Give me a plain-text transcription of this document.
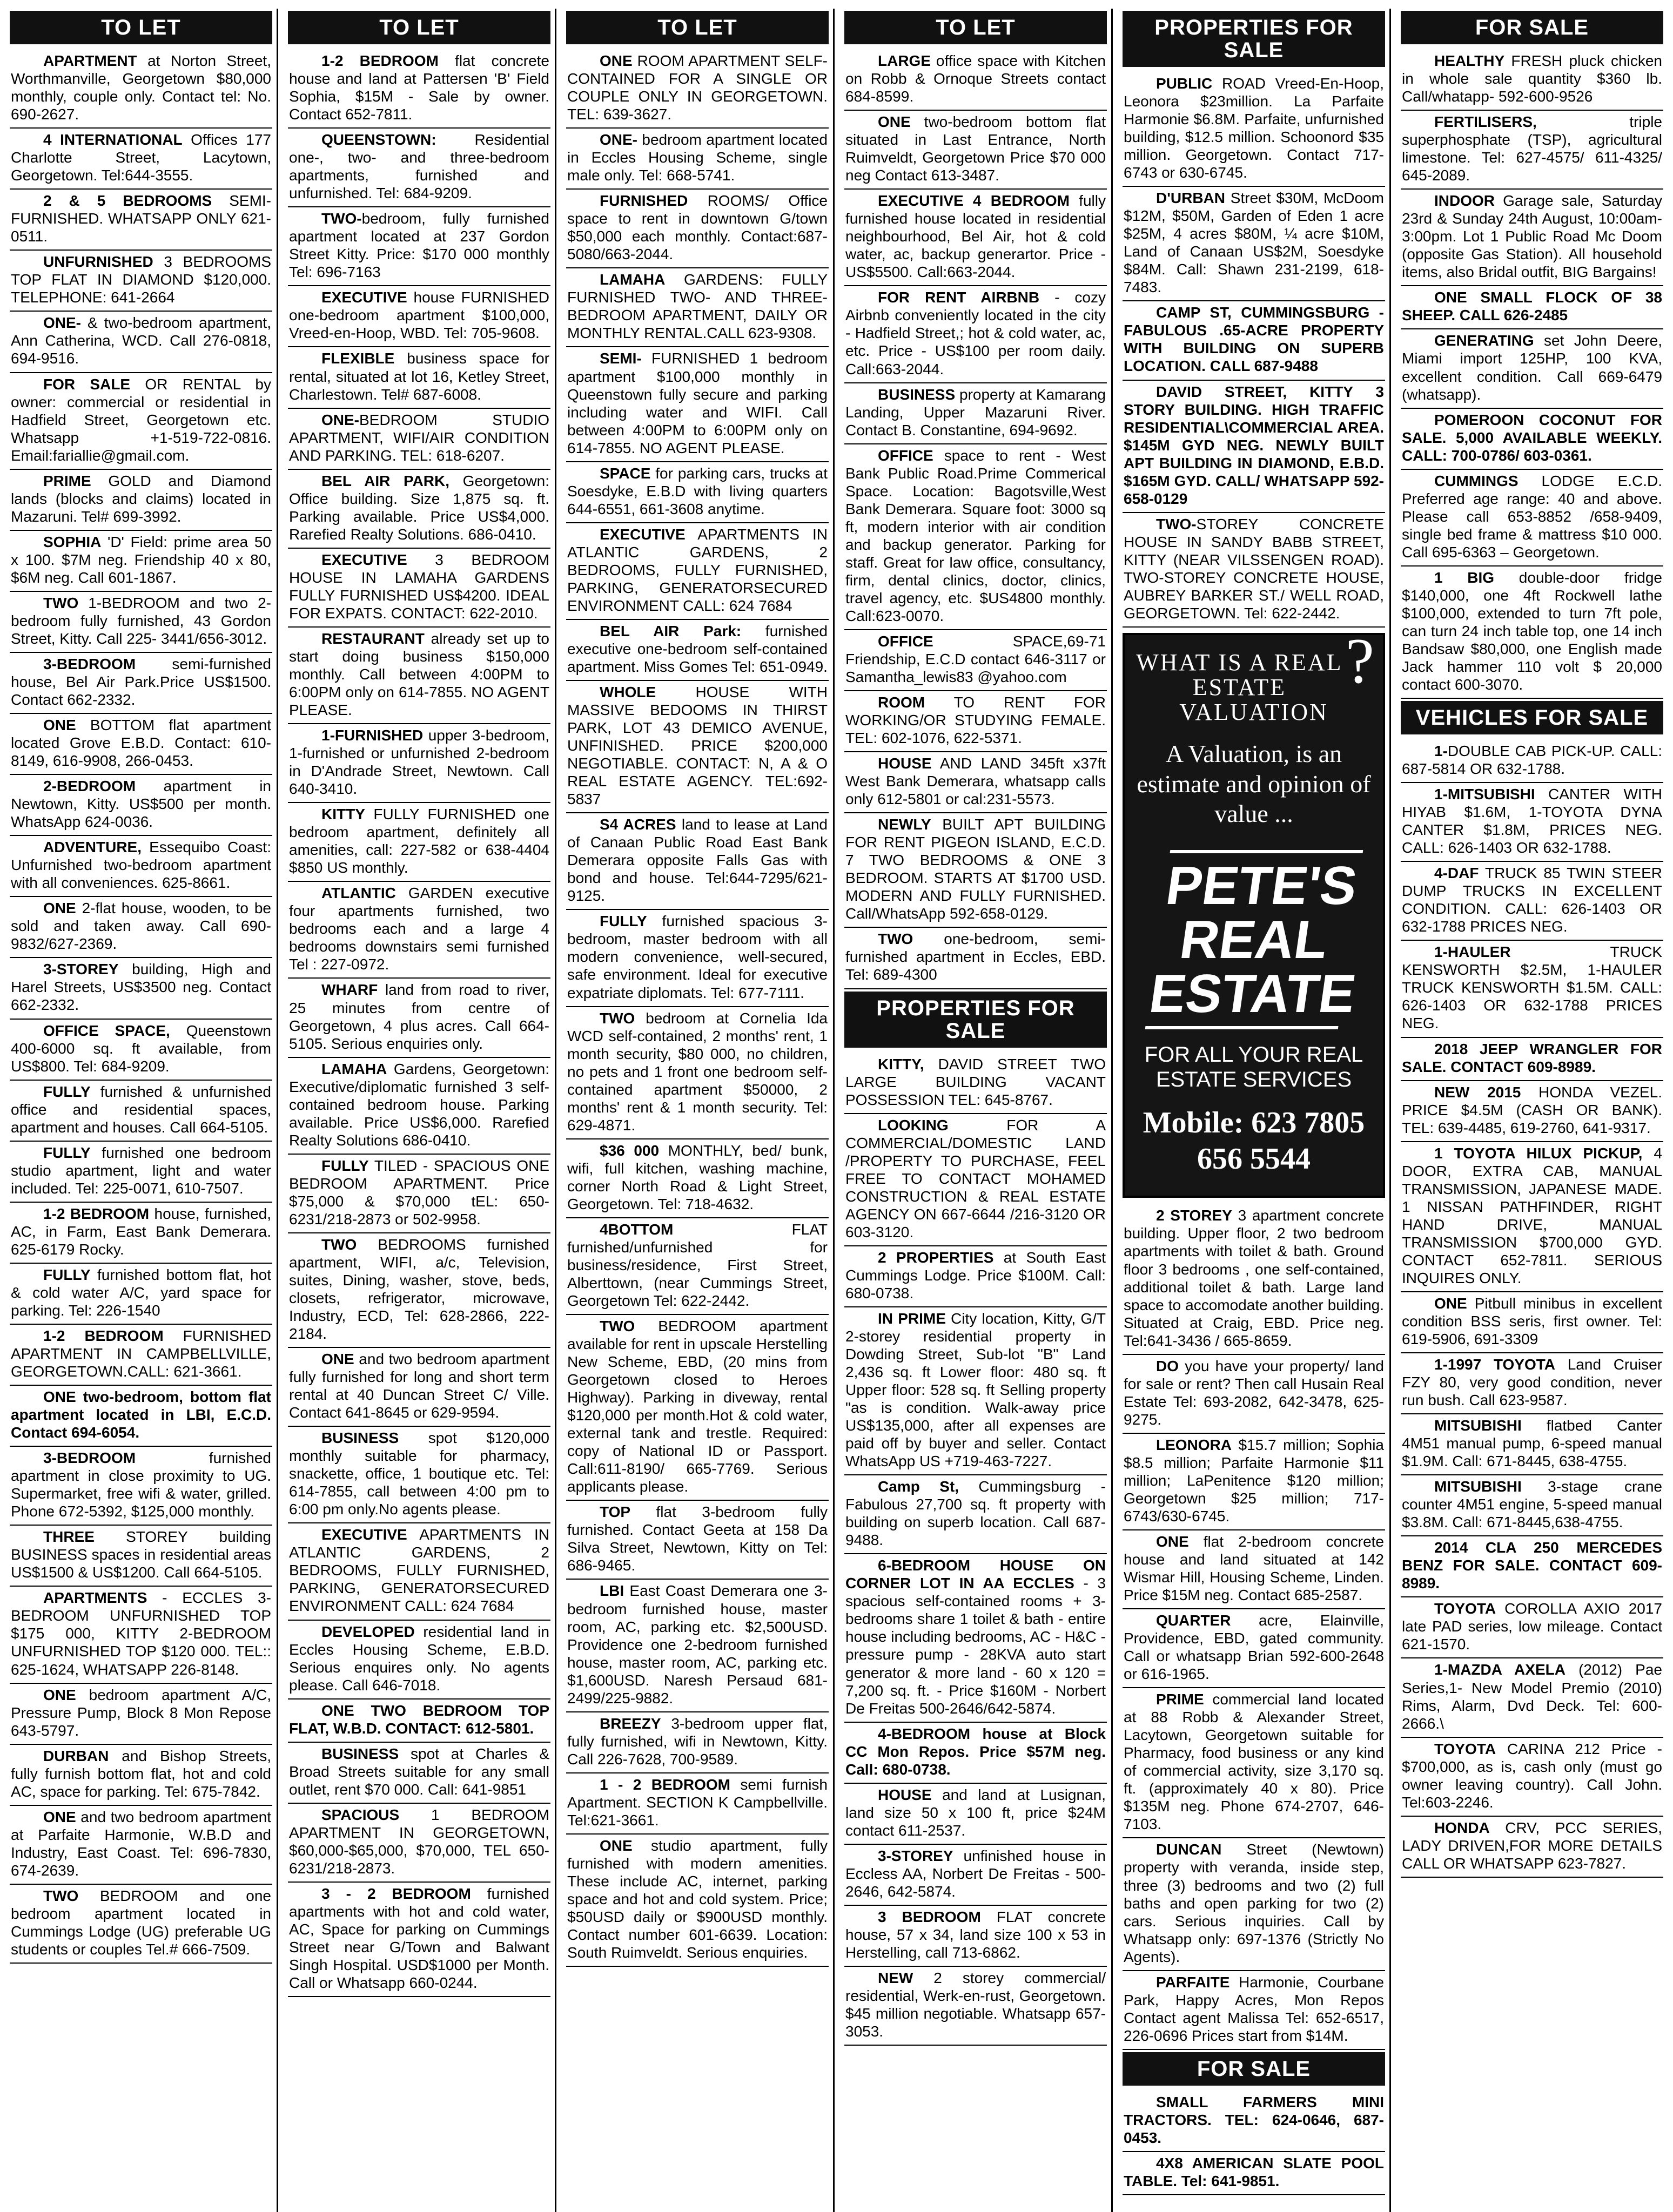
TO LET

APARTMENT at Norton Street, Worthmanville, Georgetown $80,000 monthly, couple only. Contact tel: No. 690-2627.

4 INTERNATIONAL Offices 177 Charlotte Street, Lacytown, Georgetown. Tel:644-3555.

2 & 5 BEDROOMS SEMI-FURNISHED. WHATSAPP ONLY 621-0511.

UNFURNISHED 3 BEDROOMS TOP FLAT IN DIAMOND $120,000. TELEPHONE: 641-2664

ONE- & two-bedroom apartment, Ann Catherina, WCD. Call 276-0818, 694-9516.

FOR SALE OR RENTAL by owner: commercial or residential in Hadfield Street, Georgetown etc. Whatsapp +1-519-722-0816. Email:fariallie@gmail.com.

PRIME GOLD and Diamond lands (blocks and claims) located in Mazaruni. Tel# 699-3992.

SOPHIA 'D' Field: prime area 50 x 100. $7M neg. Friendship 40 x 80, $6M neg. Call 601-1867.

TWO 1-BEDROOM and two 2-bedroom fully furnished, 43 Gordon Street, Kitty. Call 225- 3441/656-3012.

3-BEDROOM semi-furnished house, Bel Air Park.Price US$1500. Contact 662-2332.

ONE BOTTOM flat apartment located Grove E.B.D. Contact: 610-8149, 616-9908, 266-0453.

2-BEDROOM apartment in Newtown, Kitty. US$500 per month. WhatsApp 624-0036.

ADVENTURE, Essequibo Coast: Unfurnished two-bedroom apartment with all conveniences. 625-8661.

ONE 2-flat house, wooden, to be sold and taken away. Call 690-9832/627-2369.

3-STOREY building, High and Harel Streets, US$3500 neg. Contact 662-2332.

OFFICE SPACE, Queenstown 400-6000 sq. ft available, from US$800. Tel: 684-9209.

FULLY furnished & unfurnished office and residential spaces, apartment and houses. Call 664-5105.

FULLY furnished one bedroom studio apartment, light and water included. Tel: 225-0071, 610-7507.

1-2 BEDROOM house, furnished, AC, in Farm, East Bank Demerara. 625-6179 Rocky.

FULLY furnished bottom flat, hot & cold water A/C, yard space for parking. Tel: 226-1540

1-2 BEDROOM FURNISHED APARTMENT IN CAMPBELLVILLE, GEORGETOWN.CALL: 621-3661.

ONE two-bedroom, bottom flat apartment located in LBI, E.C.D. Contact 694-6054.

3-BEDROOM furnished apartment in close proximity to UG. Supermarket, free wifi & water, grilled. Phone 672-5392, $125,000 monthly.

THREE STOREY building BUSINESS spaces in residential areas US$1500 & US$1200. Call 664-5105.

APARTMENTS - ECCLES 3-BEDROOM UNFURNISHED TOP $175 000, KITTY 2-BEDROOM UNFURNISHED TOP $120 000. TEL:: 625-1624, WHATSAPP 226-8148.

ONE bedroom apartment A/C, Pressure Pump, Block 8 Mon Repose 643-5797.

DURBAN and Bishop Streets, fully furnish bottom flat, hot and cold AC, space for parking. Tel: 675-7842.

ONE and two bedroom apartment at Parfaite Harmonie, W.B.D and Industry, East Coast. Tel: 696-7830, 674-2639.

TWO BEDROOM and one bedroom apartment located in Cummings Lodge (UG) preferable UG students or couples Tel.# 666-7509.

TO LET

1-2 BEDROOM flat concrete house and land at Pattersen 'B' Field Sophia, $15M - Sale by owner. Contact 652-7811.

QUEENSTOWN: Residential one-, two- and three-bedroom apartments, furnished and unfurnished. Tel: 684-9209.

TWO-bedroom, fully furnished apartment located at 237 Gordon Street Kitty. Price: $170 000 monthly Tel: 696-7163

EXECUTIVE house FURNISHED one-bedroom apartment $100,000, Vreed-en-Hoop, WBD. Tel: 705-9608.

FLEXIBLE business space for rental, situated at lot 16, Ketley Street, Charlestown. Tel# 687-6008.

ONE-BEDROOM STUDIO APARTMENT, WIFI/AIR CONDITION AND PARKING. TEL: 618-6207.

BEL AIR PARK, Georgetown: Office building. Size 1,875 sq. ft. Parking available. Price US$4,000. Rarefied Realty Solutions. 686-0410.

EXECUTIVE 3 BEDROOM HOUSE IN LAMAHA GARDENS FULLY FURNISHED US$4200. IDEAL FOR EXPATS. CONTACT: 622-2010.

RESTAURANT already set up to start doing business $150,000 monthly. Call between 4:00PM to 6:00PM only on 614-7855. NO AGENT PLEASE.

1-FURNISHED upper 3-bedroom, 1-furnished or unfurnished 2-bedroom in D'Andrade Street, Newtown. Call 640-3410.

KITTY FULLY FURNISHED one bedroom apartment, definitely all amenities, call: 227-582 or 638-4404 $850 US monthly.

ATLANTIC GARDEN executive four apartments furnished, two bedrooms each and a large 4 bedrooms downstairs semi furnished Tel : 227-0972.

WHARF land from road to river, 25 minutes from centre of Georgetown, 4 plus acres. Call 664-5105. Serious enquiries only.

LAMAHA Gardens, Georgetown: Executive/diplomatic furnished 3 self-contained bedroom house. Parking available. Price US$6,000. Rarefied Realty Solutions 686-0410.

FULLY TILED - SPACIOUS ONE BEDROOM APARTMENT. Price $75,000 & $70,000 tEL: 650-6231/218-2873 or 502-9958.

TWO BEDROOMS furnished apartment, WIFI, a/c, Television, suites, Dining, washer, stove, beds, closets, refrigerator, microwave, Industry, ECD, Tel: 628-2866, 222-2184.

ONE and two bedroom apartment fully furnished for long and short term rental at 40 Duncan Street C/ Ville. Contact 641-8645 or 629-9594.

BUSINESS spot $120,000 monthly suitable for pharmacy, snackette, office, 1 boutique etc. Tel: 614-7855, call between 4:00 pm to 6:00 pm only.No agents please.

EXECUTIVE APARTMENTS IN ATLANTIC GARDENS, 2 BEDROOMS, FULLY FURNISHED, PARKING, GENERATORSECURED ENVIRONMENT CALL: 624 7684

DEVELOPED residential land in Eccles Housing Scheme, E.B.D. Serious enquires only. No agents please. Call 646-7018.

ONE TWO BEDROOM TOP FLAT, W.B.D. CONTACT: 612-5801.

BUSINESS spot at Charles & Broad Streets suitable for any small outlet, rent $70 000. Call: 641-9851

SPACIOUS 1 BEDROOM APARTMENT IN GEORGETOWN, $60,000-$65,000, $70,000, TEL 650-6231/218-2873.

3 - 2 BEDROOM furnished apartments with hot and cold water, AC, Space for parking on Cummings Street near G/Town and Balwant Singh Hospital. USD$1000 per Month. Call or Whatsapp 660-0244.

TO LET

ONE ROOM APARTMENT SELF-CONTAINED FOR A SINGLE OR COUPLE ONLY IN GEORGETOWN. TEL: 639-3627.

ONE- bedroom apartment located in Eccles Housing Scheme, single male only. Tel: 668-5741.

FURNISHED ROOMS/ Office space to rent in downtown G/town $50,000 each monthly. Contact:687-5080/663-2044.

LAMAHA GARDENS: FULLY FURNISHED TWO- AND THREE-BEDROOM APARTMENT, DAILY OR MONTHLY RENTAL.CALL 623-9308.

SEMI- FURNISHED 1 bedroom apartment $100,000 monthly in Queenstown fully secure and parking including water and WIFI. Call between 4:00PM to 6:00PM only on 614-7855. NO AGENT PLEASE.

SPACE for parking cars, trucks at Soesdyke, E.B.D with living quarters 644-6551, 661-3608 anytime.

EXECUTIVE APARTMENTS IN ATLANTIC GARDENS, 2 BEDROOMS, FULLY FURNISHED, PARKING, GENERATORSECURED ENVIRONMENT CALL: 624 7684

BEL AIR Park: furnished executive one-bedroom self-contained apartment. Miss Gomes Tel: 651-0949.

WHOLE HOUSE WITH MASSIVE BEDOOMS IN THIRST PARK, LOT 43 DEMICO AVENUE, UNFINISHED. PRICE $200,000 NEGOTIABLE. CONTACT: N, A & O REAL ESTATE AGENCY. TEL:692-5837

S4 ACRES land to lease at Land of Canaan Public Road East Bank Demerara opposite Falls Gas with bond and house. Tel:644-7295/621-9125.

FULLY furnished spacious 3-bedroom, master bedroom with all modern convenience, well-secured, safe environment. Ideal for executive expatriate diplomats. Tel: 677-7111.

TWO bedroom at Cornelia Ida WCD self-contained, 2 months' rent, 1 month security, $80 000, no children, no pets and 1 front one bedroom self-contained apartment $50000, 2 months' rent & 1 month security. Tel: 629-4871.

$36 000 MONTHLY, bed/ bunk, wifi, full kitchen, washing machine, corner North Road & Light Street, Georgetown. Tel: 718-4632.

4BOTTOM FLAT furnished/unfurnished for business/residence, First Street, Alberttown, (near Cummings Street, Georgetown Tel: 622-2442.

TWO BEDROOM apartment available for rent in upscale Herstelling New Scheme, EBD, (20 mins from Georgetown closed to Heroes Highway). Parking in diveway, rental $120,000 per month.Hot & cold water, external tank and trestle. Required: copy of National ID or Passport. Call:611-8190/ 665-7769. Serious applicants please.

TOP flat 3-bedroom fully furnished. Contact Geeta at 158 Da Silva Street, Newtown, Kitty on Tel: 686-9465.

LBI East Coast Demerara one 3-bedroom furnished house, master room, AC, parking etc. $2,500USD. Providence one 2-bedroom furnished house, master room, AC, parking etc. $1,600USD. Naresh Persaud 681-2499/225-9882.

BREEZY 3-bedroom upper flat, fully furnished, wifi in Newtown, Kitty. Call 226-7628, 700-9589.

1 - 2 BEDROOM semi furnish Apartment. SECTION K Campbellville. Tel:621-3661.

ONE studio apartment, fully furnished with modern amenities. These include AC, internet, parking space and hot and cold system. Price; $50USD daily or $900USD monthly. Contact number 601-6639. Location: South Ruimveldt. Serious enquiries.

TO LET

LARGE office space with Kitchen on Robb & Ornoque Streets contact 684-8599.

ONE two-bedroom bottom flat situated in Last Entrance, North Ruimveldt, Georgetown Price $70 000 neg Contact 613-3487.

EXECUTIVE 4 BEDROOM fully furnished house located in residential neighbourhood, Bel Air, hot & cold water, ac, backup generartor. Price - US$5500. Call:663-2044.

FOR RENT AIRBNB - cozy Airbnb conveniently located in the city - Hadfield Street,; hot & cold water, ac, etc. Price - US$100 per room daily. Call:663-2044.

BUSINESS property at Kamarang Landing, Upper Mazaruni River. Contact B. Constantine, 694-9692.

OFFICE space to rent - West Bank Public Road.Prime Commerical Space. Location: Bagotsville,West Bank Demerara. Square foot: 3000 sq ft, modern interior with air condition and backup generator. Parking for staff. Great for law office, consultancy, firm, dental clinics, doctor, clinics, travel agency, etc. $US4800 monthly. Call:623-0070.

OFFICE SPACE,69-71 Friendship, E.C.D contact 646-3117 or Samantha_lewis83 @yahoo.com

ROOM TO RENT FOR WORKING/OR STUDYING FEMALE. TEL: 602-1076, 622-5371.

HOUSE AND LAND 345ft x37ft West Bank Demerara, whatsapp calls only 612-5801 or cal:231-5573.

NEWLY BUILT APT BUILDING FOR RENT PIGEON ISLAND, E.C.D. 7 TWO BEDROOMS & ONE 3 BEDROOM. STARTS AT $1700 USD. MODERN AND FULLY FURNISHED. Call/WhatsApp 592-658-0129.

TWO one-bedroom, semi-furnished apartment in Eccles, EBD. Tel: 689-4300

PROPERTIES FOR SALE

KITTY, DAVID STREET TWO LARGE BUILDING VACANT POSSESSION TEL: 645-8767.

LOOKING FOR A COMMERCIAL/DOMESTIC LAND /PROPERTY TO PURCHASE, FEEL FREE TO CONTACT MOHAMED CONSTRUCTION & REAL ESTATE AGENCY ON 667-6644 /216-3120 OR 603-3120.

2 PROPERTIES at South East Cummings Lodge. Price $100M. Call: 680-0738.

IN PRIME City location, Kitty, G/T 2-storey residential property in Dowding Street, Sub-lot "B" Land 2,436 sq. ft Lower floor: 480 sq. ft Upper floor: 528 sq. ft Selling property "as is condition. Walk-away price US$135,000, after all expenses are paid off by buyer and seller. Contact WhatsApp US +719-463-7227.

Camp St, Cummingsburg - Fabulous 27,700 sq. ft property with building on superb location. Call 687-9488.

6-BEDROOM HOUSE ON CORNER LOT IN AA ECCLES - 3 spacious self-contained rooms + 3-bedrooms share 1 toilet & bath - entire house including bedrooms, AC - H&C - pressure pump - 28KVA auto start generator & more land - 60 x 120 = 7,200 sq. ft. - Price $160M - Norbert De Freitas 500-2646/642-5874.

4-BEDROOM house at Block CC Mon Repos. Price $57M neg. Call: 680-0738.

HOUSE and land at Lusignan, land size 50 x 100 ft, price $24M contact 611-2537.

3-STOREY unfinished house in Eccless AA, Norbert De Freitas - 500-2646, 642-5874.

3 BEDROOM FLAT concrete house, 57 x 34, land size 100 x 53 in Herstelling, call 713-6862.

NEW 2 storey commercial/ residential, Werk-en-rust, Georgetown. $45 million negotiable. Whatsapp 657-3053.

PROPERTIES FOR SALE

PUBLIC ROAD Vreed-En-Hoop, Leonora $23million. La Parfaite Harmonie $6.8M. Parfaite, unfurnished building, $12.5 million. Schoonord $35 million. Georgetown. Contact 717-6743 or 630-6745.

D'URBAN Street $30M, McDoom $12M, $50M, Garden of Eden 1 acre $25M, 4 acres $80M, ¼ acre $10M, Land of Canaan US$2M, Soesdyke $84M. Call: Shawn 231-2199, 618-7483.

CAMP ST, CUMMINGSBURG - FABULOUS .65-ACRE PROPERTY WITH BUILDING ON SUPERB LOCATION. CALL 687-9488

DAVID STREET, KITTY 3 STORY BUILDING. HIGH TRAFFIC RESIDENTIAL\COMMERCIAL AREA. $145M GYD NEG. NEWLY BUILT APT BUILDING IN DIAMOND, E.B.D. $165M GYD. CALL/ WHATSAPP 592-658-0129

TWO-STOREY CONCRETE HOUSE IN SANDY BABB STREET, KITTY (NEAR VILSSENGEN ROAD). TWO-STOREY CONCRETE HOUSE, AUBREY BARKER ST./ WELL ROAD, GEORGETOWN. Tel: 622-2442.

?
WHAT IS A REAL ESTATE VALUATION
A Valuation, is an estimate and opinion of value ...
PETE'S REAL ESTATE
FOR ALL YOUR REAL ESTATE SERVICES
Mobile: 623 7805 656 5544

2 STOREY 3 apartment concrete building. Upper floor, 2 two bedroom apartments with toilet & bath. Ground floor 3 bedrooms , one self-contained, additional toilet & bath. Large land space to accomodate another building. Situated at Craig, EBD. Price neg. Tel:641-3436 / 665-8659.

DO you have your property/ land for sale or rent? Then call Husain Real Estate Tel: 693-2082, 642-3478, 625-9275.

LEONORA $15.7 million; Sophia $8.5 million; Parfaite Harmonie $11 million; LaPenitence $120 million; Georgetown $25 million; 717-6743/630-6745.

ONE flat 2-bedroom concrete house and land situated at 142 Wismar Hill, Housing Scheme, Linden. Price $15M neg. Contact 685-2587.

QUARTER acre, Elainville, Providence, EBD, gated community. Call or whatsapp Brian 592-600-2648 or 616-1965.

PRIME commercial land located at 88 Robb & Alexander Street, Lacytown, Georgetown suitable for Pharmacy, food business or any kind of commercial activity, size 3,170 sq. ft. (approximately 40 x 80). Price $135M neg. Phone 674-2707, 646-7103.

DUNCAN Street (Newtown) property with veranda, inside step, three (3) bedrooms and two (2) full baths and open parking for two (2) cars. Serious inquiries. Call by Whatsapp only: 697-1376 (Strictly No Agents).

PARFAITE Harmonie, Courbane Park, Happy Acres, Mon Repos Contact agent Malissa Tel: 652-6517, 226-0696 Prices start from $14M.

FOR SALE

SMALL FARMERS MINI TRACTORS. TEL: 624-0646, 687-0453.

4X8 AMERICAN SLATE POOL TABLE. Tel: 641-9851.

FOR SALE

HEALTHY FRESH pluck chicken in whole sale quantity $360 lb. Call/whatapp- 592-600-9526

FERTILISERS, triple superphosphate (TSP), agricultural limestone. Tel: 627-4575/ 611-4325/ 645-2089.

INDOOR Garage sale, Saturday 23rd & Sunday 24th August, 10:00am-3:00pm. Lot 1 Public Road Mc Doom (opposite Gas Station). All household items, also Bridal outfit, BIG Bargains!

ONE SMALL FLOCK OF 38 SHEEP. CALL 626-2485

GENERATING set John Deere, Miami import 125HP, 100 KVA, excellent condition. Call 669-6479 (whatsapp).

POMEROON COCONUT FOR SALE. 5,000 AVAILABLE WEEKLY. CALL: 700-0786/ 603-0361.

CUMMINGS LODGE E.C.D. Preferred age range: 40 and above. Please call 653-8852 /658-9409, single bed frame & mattress $10 000. Call 695-6363 – Georgetown.

1 BIG double-door fridge $140,000, one 4ft Rockwell lathe $100,000, extended to turn 7ft pole, can turn 24 inch table top, one 14 inch Bandsaw $80,000, one English made Jack hammer 110 volt $ 20,000 contact 600-3070.

VEHICLES FOR SALE

1-DOUBLE CAB PICK-UP. CALL: 687-5814 OR 632-1788.

1-MITSUBISHI CANTER WITH HIYAB $1.6M, 1-TOYOTA DYNA CANTER $1.8M, PRICES NEG. CALL: 626-1403 OR 632-1788.

4-DAF TRUCK 85 TWIN STEER DUMP TRUCKS IN EXCELLENT CONDITION. CALL: 626-1403 OR 632-1788 PRICES NEG.

1-HAULER TRUCK KENSWORTH $2.5M, 1-HAULER TRUCK KENSWORTH $1.5M. CALL: 626-1403 OR 632-1788 PRICES NEG.

2018 JEEP WRANGLER FOR SALE. CONTACT 609-8989.

NEW 2015 HONDA VEZEL. PRICE $4.5M (CASH OR BANK). TEL: 639-4485, 619-2760, 641-9317.

1 TOYOTA HILUX PICKUP, 4 DOOR, EXTRA CAB, MANUAL TRANSMISSION, JAPANESE MADE. 1 NISSAN PATHFINDER, RIGHT HAND DRIVE, MANUAL TRANSMISSION $700,000 GYD. CONTACT 652-7811. SERIOUS INQUIRES ONLY.

ONE Pitbull minibus in excellent condition BSS seris, first owner. Tel: 619-5906, 691-3309

1-1997 TOYOTA Land Cruiser FZY 80, very good condition, never run bush. Call 623-9587.

MITSUBISHI flatbed Canter 4M51 manual pump, 6-speed manual $1.9M. Call: 671-8445, 638-4755.

MITSUBISHI 3-stage crane counter 4M51 engine, 5-speed manual $3.8M. Call: 671-8445,638-4755.

2014 CLA 250 MERCEDES BENZ FOR SALE. CONTACT 609-8989.

TOYOTA COROLLA AXIO 2017 late PAD series, low mileage. Contact 621-1570.

1-MAZDA AXELA (2012) Pae Series,1- New Model Premio (2010) Rims, Alarm, Dvd Deck. Tel: 600-2666.\

TOYOTA CARINA 212 Price - $700,000, as is, cash only (must go owner leaving country). Call John. Tel:603-2246.

HONDA CRV, PCC SERIES, LADY DRIVEN,FOR MORE DETAILS CALL OR WHATSAPP 623-7827.
